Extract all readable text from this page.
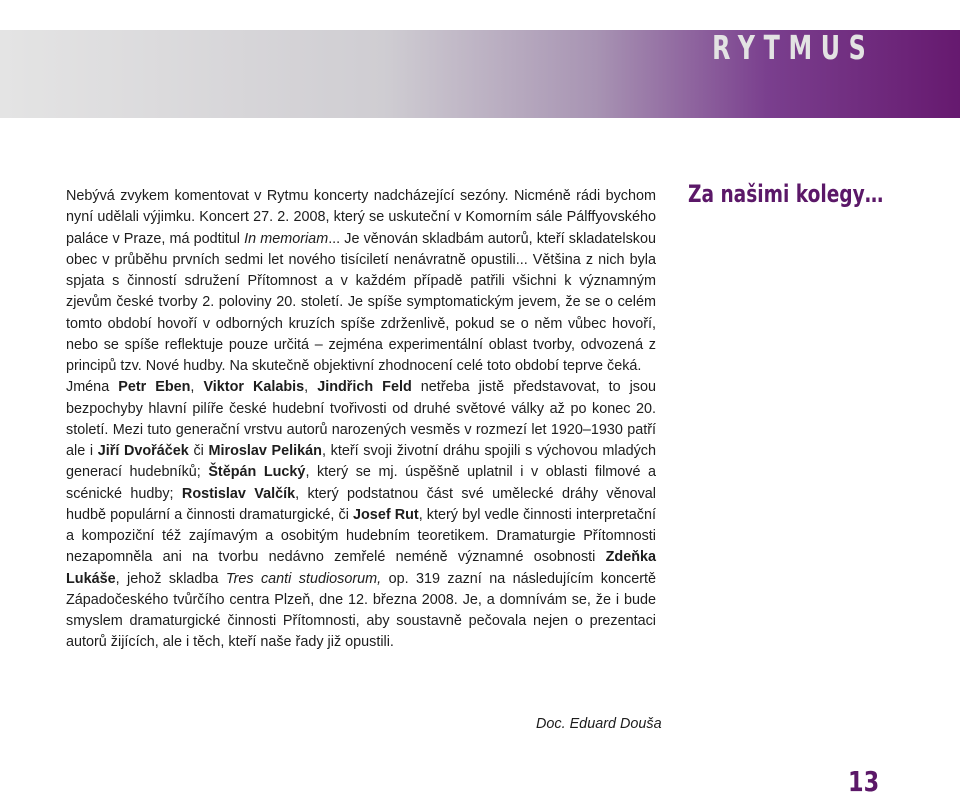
RYTMUS
Za našimi kolegy…

Nebývá zvykem komentovat v Rytmu koncerty nadcházející sezóny. Nicméně rádi bychom nyní udělali výjimku. Koncert 27. 2. 2008, který se uskuteční v Komorním sále Pálffyovského paláce v Praze, má podtitul In memoriam... Je věnován skladbám autorů, kteří skladatelskou obec v průběhu prvních sedmi let nového tisíciletí nenávratně opustili... Většina z nich byla spjata s činností sdružení Přítomnost a v každém případě patřili všichni k významným zjevům české tvorby 2. poloviny 20. století. Je spíše symptomatickým jevem, že se o celém tomto období hovoří v odborných kruzích spíše zdrženlivě, pokud se o něm vůbec hovoří, nebo se spíše reflektuje pouze určitá – zejména experimentální oblast tvorby, odvozená z principů tzv. Nové hudby. Na skutečně objektivní zhodnocení celé toto období teprve čeká.

Jména Petr Eben, Viktor Kalabis, Jindřich Feld netřeba jistě představovat, to jsou bezpochyby hlavní pilíře české hudební tvořivosti od druhé světové války až po konec 20. století. Mezi tuto generační vrstvu autorů narozených vesměs v rozmezí let 1920–1930 patří ale i Jiří Dvořáček či Miroslav Pelikán, kteří svoji životní dráhu spojili s výchovou mladých generací hudebníků; Štěpán Lucký, který se mj. úspěšně uplatnil i v oblasti filmové a scénické hudby; Rostislav Valčík, který podstatnou část své umělecké dráhy věnoval hudbě populární a činnosti dramaturgické, či Josef Rut, který byl vedle činnosti interpretační a kompoziční též zajímavým a osobitým hudebním teoretikem. Dramaturgie Přítomnosti nezapomněla ani na tvorbu nedávno zemřelé neméně významné osobnosti Zdeňka Lukáše, jehož skladba Tres canti studiosorum, op. 319 zazní na následujícím koncertě Západočeského tvůrčího centra Plzeň, dne 12. března 2008. Je, a domnívám se, že i bude smyslem dramaturgické činnosti Přítomnosti, aby soustavně pečovala nejen o prezentaci autorů žijících, ale i těch, kteří naše řady již opustili.

Doc. Eduard Douša
13
